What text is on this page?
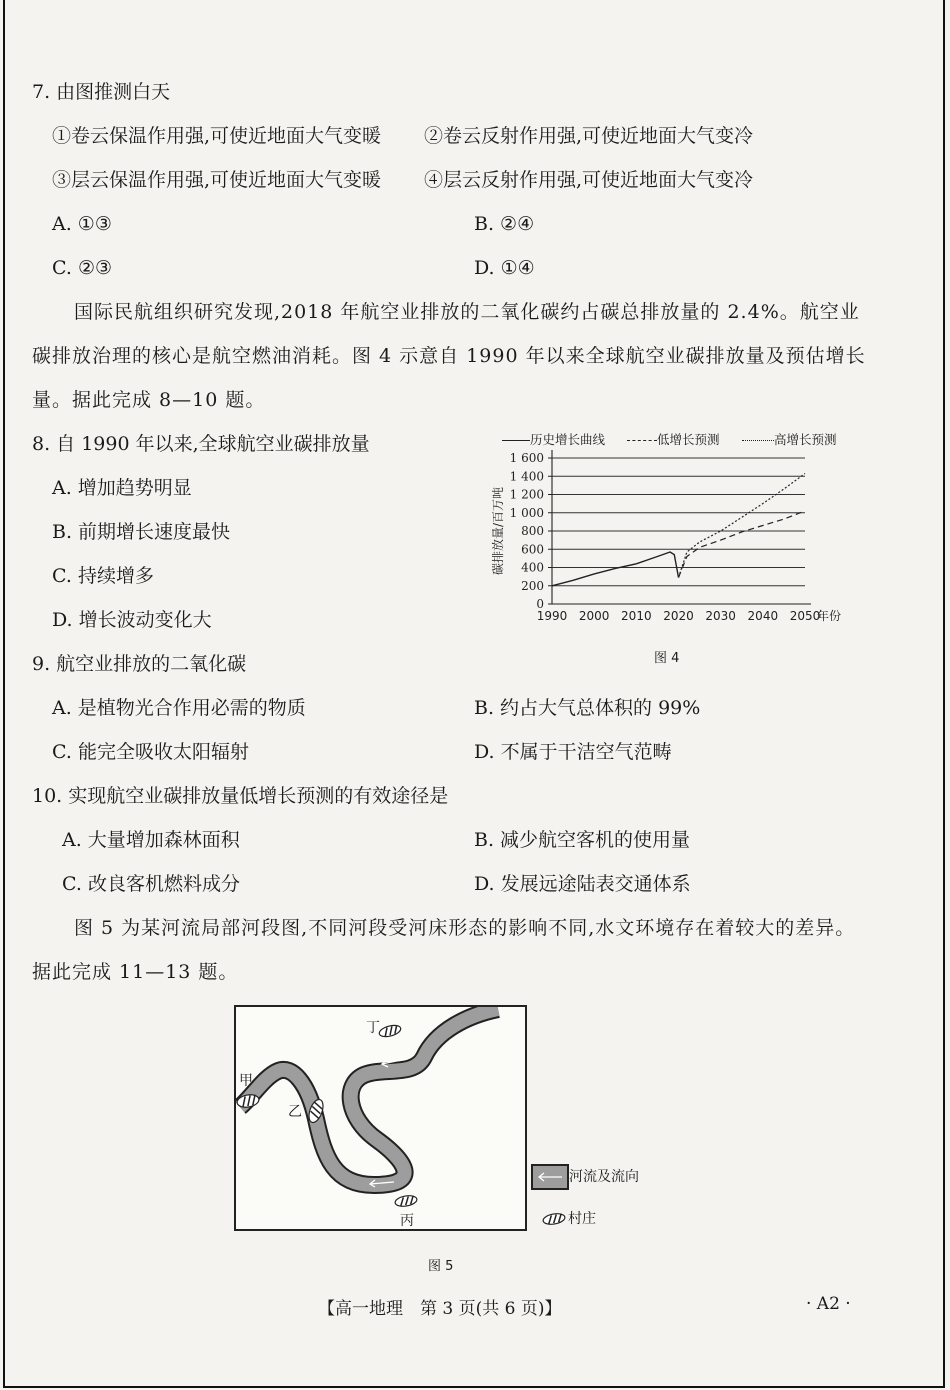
7. 由图推测白天
①卷云保温作用强,可使近地面大气变暖 ②卷云反射作用强,可使近地面大气变冷
③层云保温作用强,可使近地面大气变暖 ④层云反射作用强,可使近地面大气变冷
A. ①③	B. ②④
C. ②③	D. ①④
国际民航组织研究发现,2018 年航空业排放的二氧化碳约占碳总排放量的 2.4%。航空业
碳排放治理的核心是航空燃油消耗。图 4 示意自 1990 年以来全球航空业碳排放量及预估增长
量。据此完成 8—10 题。
8. 自 1990 年以来,全球航空业碳排放量
A. 增加趋势明显
B. 前期增长速度最快
C. 持续增多
D. 增长波动变化大
历史增长曲线	低增长预测	高增长预测
0
200
400
600
800
1 000
1 200
1 400
1 600
1990 2000 2010 2020 2030 2040 2050
年份
碳排放量/百万吨
图 4
9. 航空业排放的二氧化碳
A. 是植物光合作用必需的物质	B. 约占大气总体积的 99%
C. 能完全吸收太阳辐射	D. 不属于干洁空气范畴
10. 实现航空业碳排放量低增长预测的有效途径是
A. 大量增加森林面积	B. 减少航空客机的使用量
C. 改良客机燃料成分	D. 发展远途陆表交通体系
图 5 为某河流局部河段图,不同河段受河床形态的影响不同,水文环境存在着较大的差异。
据此完成 11—13 题。
丁
甲
乙
丙
河流及流向
村庄
图 5
【高一地理　第 3 页(共 6 页)】	· A2 ·
